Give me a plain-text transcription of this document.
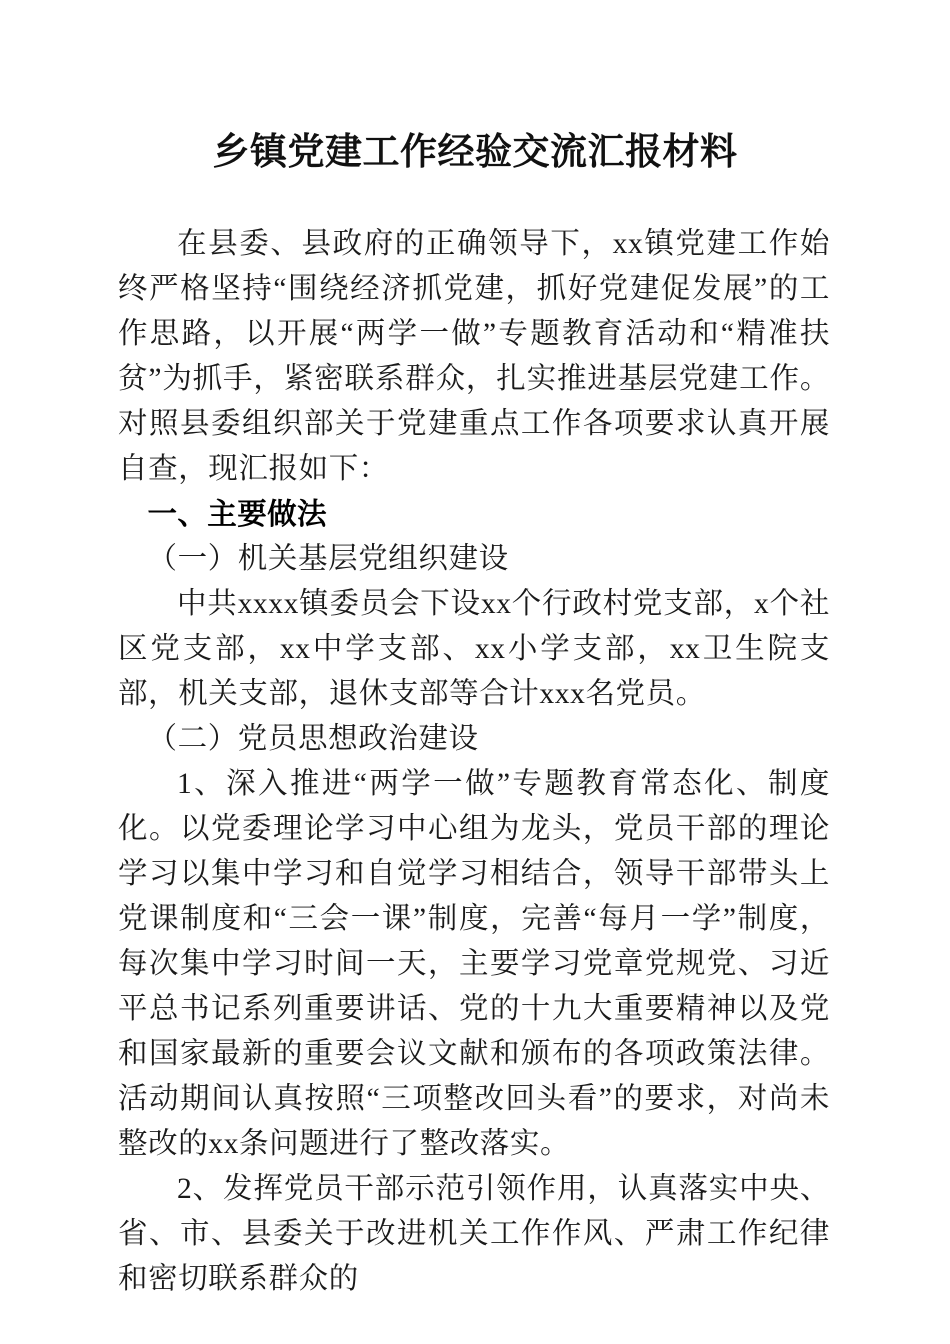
乡镇党建工作经验交流汇报材料

在县委、县政府的正确领导下，xx镇党建工作始终严格坚持“围绕经济抓党建，抓好党建促发展”的工作思路，以开展“两学一做”专题教育活动和“精准扶贫”为抓手，紧密联系群众，扎实推进基层党建工作。对照县委组织部关于党建重点工作各项要求认真开展自查，现汇报如下：

一、主要做法

（一）机关基层党组织建设

中共xxxx镇委员会下设xx个行政村党支部，x个社区党支部，xx中学支部、xx小学支部，xx卫生院支部，机关支部，退休支部等合计xxx名党员。

（二）党员思想政治建设

1、深入推进“两学一做”专题教育常态化、制度化。以党委理论学习中心组为龙头，党员干部的理论学习以集中学习和自觉学习相结合，领导干部带头上党课制度和“三会一课”制度，完善“每月一学”制度，每次集中学习时间一天，主要学习党章党规党、习近平总书记系列重要讲话、党的十九大重要精神以及党和国家最新的重要会议文献和颁布的各项政策法律。活动期间认真按照“三项整改回头看”的要求，对尚未整改的xx条问题进行了整改落实。

2、发挥党员干部示范引领作用，认真落实中央、省、市、县委关于改进机关工作作风、严肃工作纪律和密切联系群众的
